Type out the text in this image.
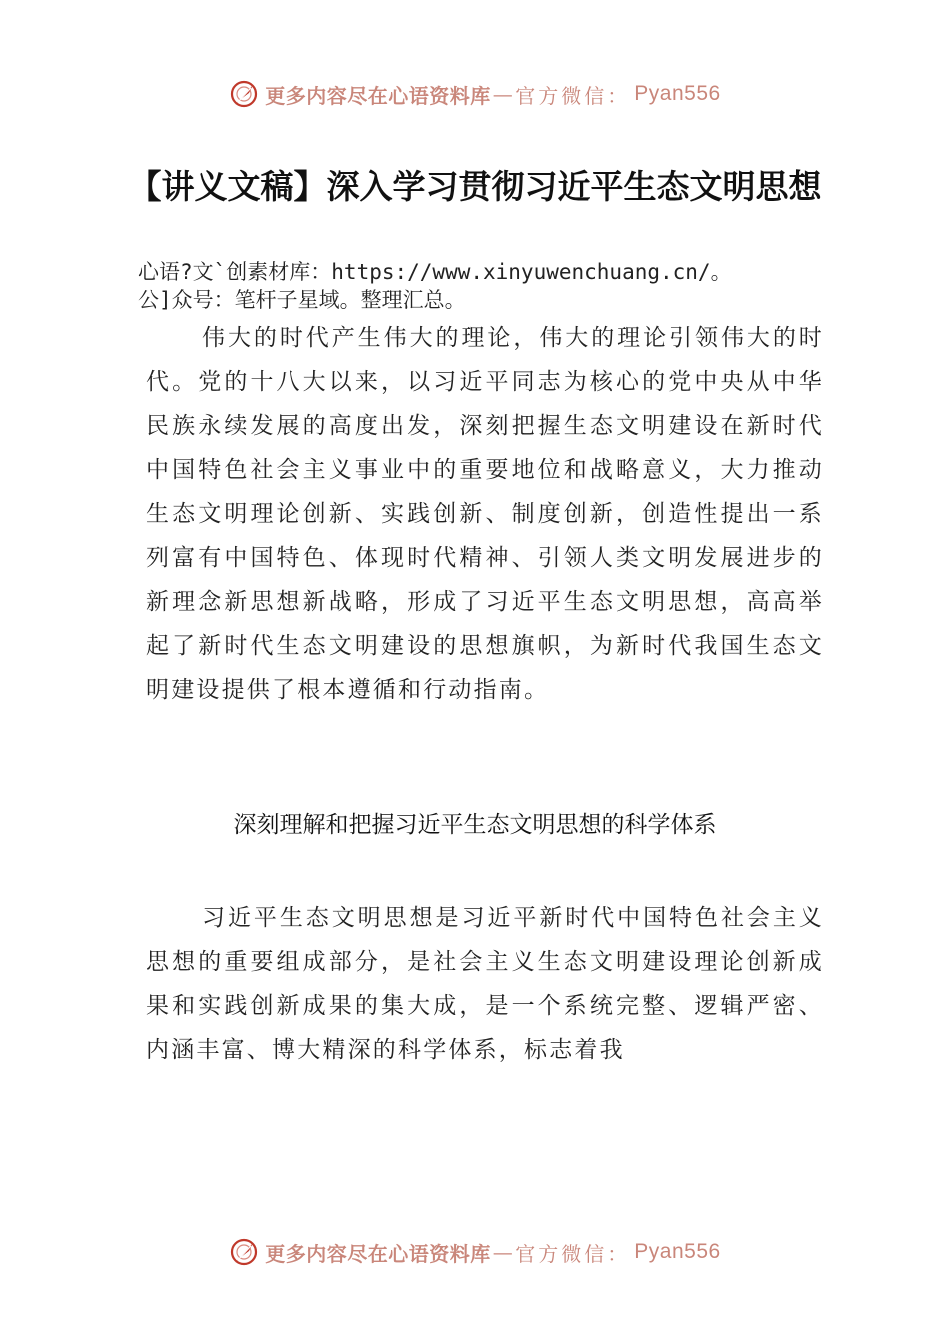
更多内容尽在心语资料库 — 官方微信： Pyan556
【讲义文稿】深入学习贯彻习近平生态文明思想
心语?文`创素材库：https://www.xinyuwenchuang.cn/。
公]众号：笔杆子星域。整理汇总。

伟大的时代产生伟大的理论，伟大的理论引领伟大的时代。党的十八大以来，以习近平同志为核心的党中央从中华民族永续发展的高度出发，深刻把握生态文明建设在新时代中国特色社会主义事业中的重要地位和战略意义，大力推动生态文明理论创新、实践创新、制度创新，创造性提出一系列富有中国特色、体现时代精神、引领人类文明发展进步的新理念新思想新战略，形成了习近平生态文明思想，高高举起了新时代生态文明建设的思想旗帜，为新时代我国生态文明建设提供了根本遵循和行动指南。

深刻理解和把握习近平生态文明思想的科学体系

习近平生态文明思想是习近平新时代中国特色社会主义思想的重要组成部分，是社会主义生态文明建设理论创新成果和实践创新成果的集大成，是一个系统完整、逻辑严密、内涵丰富、博大精深的科学体系，标志着我

更多内容尽在心语资料库 — 官方微信： Pyan556
